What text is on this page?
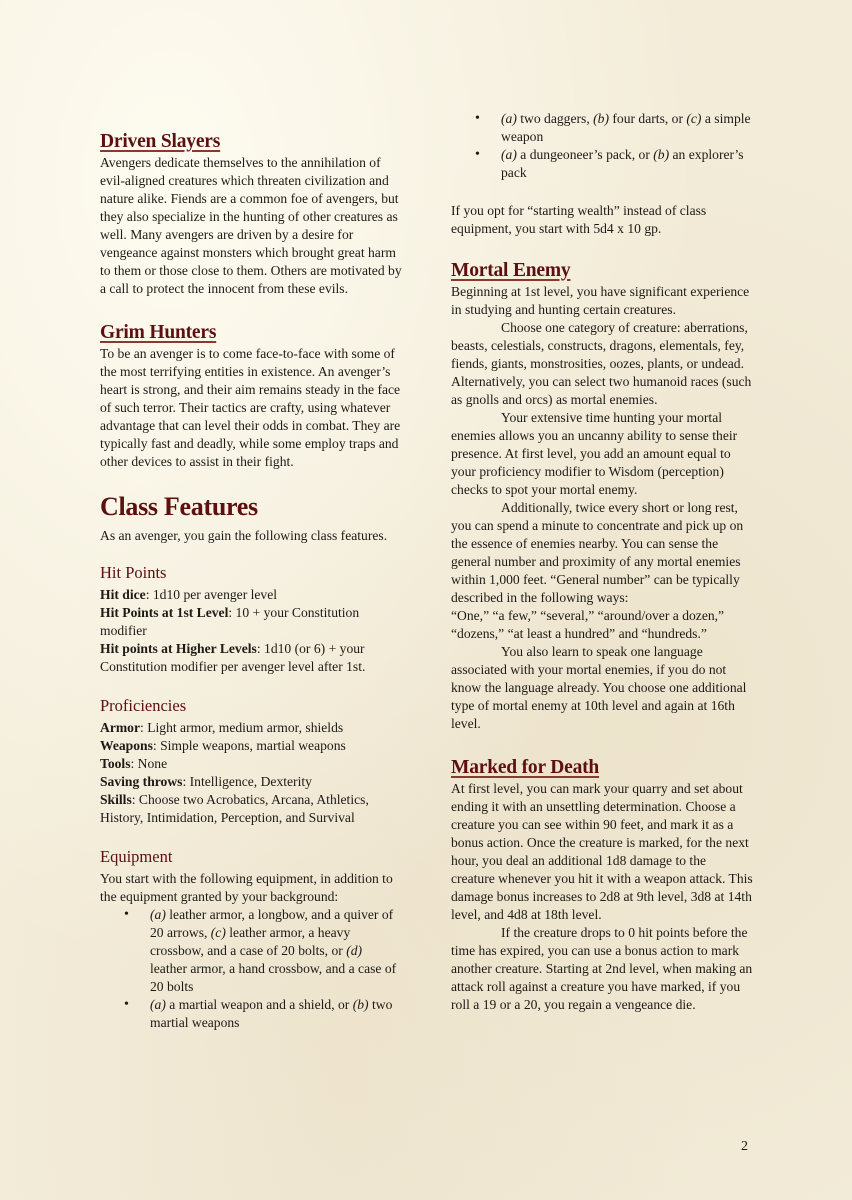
Driven Slayers

Avengers dedicate themselves to the annihilation of evil-aligned creatures which threaten civilization and nature alike. Fiends are a common foe of avengers, but they also specialize in the hunting of other creatures as well. Many avengers are driven by a desire for vengeance against monsters which brought great harm to them or those close to them. Others are motivated by a call to protect the innocent from these evils.

Grim Hunters

To be an avenger is to come face-to-face with some of the most terrifying entities in existence. An avenger’s heart is strong, and their aim remains steady in the face of such terror. Their tactics are crafty, using whatever advantage that can level their odds in combat. They are typically fast and deadly, while some employ traps and other devices to assist in their fight.

Class Features

As an avenger, you gain the following class features.

Hit Points

Hit dice: 1d10 per avenger level

Hit Points at 1st Level: 10 + your Constitution modifier

Hit points at Higher Levels: 1d10 (or 6) + your Constitution modifier per avenger level after 1st.

Proficiencies

Armor: Light armor, medium armor, shields

Weapons: Simple weapons, martial weapons

Tools: None

Saving throws: Intelligence, Dexterity

Skills: Choose two Acrobatics, Arcana, Athletics, History, Intimidation, Perception, and Survival

Equipment

You start with the following equipment, in addition to the equipment granted by your background:

• (a) leather armor, a longbow, and a quiver of 20 arrows, (c) leather armor, a heavy crossbow, and a case of 20 bolts, or (d) leather armor, a hand crossbow, and a case of 20 bolts
• (a) a martial weapon and a shield, or (b) two martial weapons
• (a) two daggers, (b) four darts, or (c) a simple weapon
• (a) a dungeoneer’s pack, or (b) an explorer’s pack

If you opt for “starting wealth” instead of class equipment, you start with 5d4 x 10 gp.

Mortal Enemy

Beginning at 1st level, you have significant experience in studying and hunting certain creatures.

Choose one category of creature: aberrations, beasts, celestials, constructs, dragons, elementals, fey, fiends, giants, monstrosities, oozes, plants, or undead. Alternatively, you can select two humanoid races (such as gnolls and orcs) as mortal enemies.

Your extensive time hunting your mortal enemies allows you an uncanny ability to sense their presence. At first level, you add an amount equal to your proficiency modifier to Wisdom (perception) checks to spot your mortal enemy.

Additionally, twice every short or long rest, you can spend a minute to concentrate and pick up on the essence of enemies nearby. You can sense the general number and proximity of any mortal enemies within 1,000 feet. “General number” can be typically described in the following ways:

“One,” “a few,” “several,” “around/over a dozen,” “dozens,” “at least a hundred” and “hundreds.”

You also learn to speak one language associated with your mortal enemies, if you do not know the language already. You choose one additional type of mortal enemy at 10th level and again at 16th level.

Marked for Death

At first level, you can mark your quarry and set about ending it with an unsettling determination. Choose a creature you can see within 90 feet, and mark it as a bonus action. Once the creature is marked, for the next hour, you deal an additional 1d8 damage to the creature whenever you hit it with a weapon attack. This damage bonus increases to 2d8 at 9th level, 3d8 at 14th level, and 4d8 at 18th level.

If the creature drops to 0 hit points before the time has expired, you can use a bonus action to mark another creature. Starting at 2nd level, when making an attack roll against a creature you have marked, if you roll a 19 or a 20, you regain a vengeance die.

2
